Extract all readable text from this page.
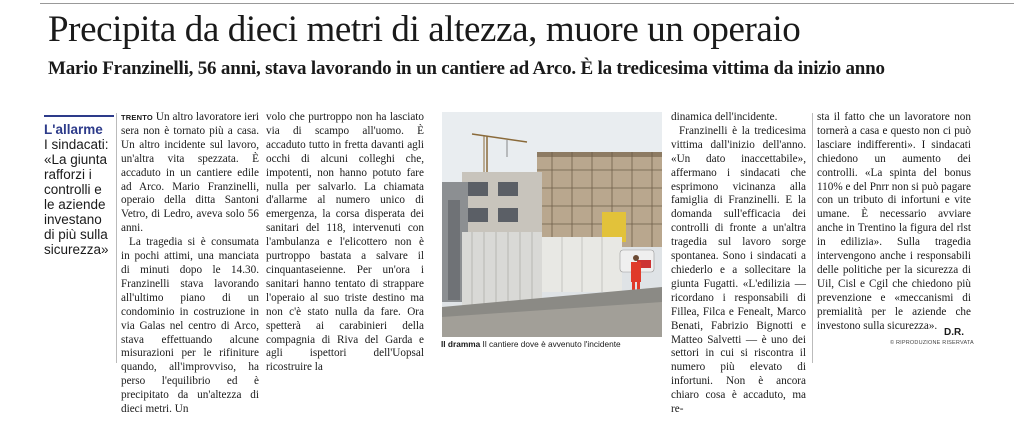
Precipita da dieci metri di altezza, muore un operaio
Mario Franzinelli, 56 anni, stava lavorando in un cantiere ad Arco. È la tredicesima vittima da inizio anno
L'allarme
I sindacati: «La giunta rafforzi i controlli e le aziende investano di più sulla sicurezza»

TRENTO Un altro lavoratore ieri sera non è tornato più a casa. Un altro incidente sul lavoro, un'altra vita spezzata. È accaduto in un cantiere edile ad Arco. Mario Franzinelli, operaio della ditta Santoni Vetro, di Ledro, aveva solo 56 anni.

La tragedia si è consumata in pochi attimi, una manciata di minuti dopo le 14.30. Franzinelli stava lavorando all'ultimo piano di un condominio in costruzione in via Galas nel centro di Arco, stava effettuando alcune misurazioni per le rifiniture quando, all'improvviso, ha perso l'equilibrio ed è precipitato da un'altezza di dieci metri. Un

volo che purtroppo non ha lasciato via di scampo all'uomo. È accaduto tutto in fretta davanti agli occhi di alcuni colleghi che, impotenti, non hanno potuto fare nulla per salvarlo. La chiamata d'allarme al numero unico di emergenza, la corsa disperata dei sanitari del 118, intervenuti con l'ambulanza e l'elicottero non è purtroppo bastata a salvare il cinquantaseienne. Per un'ora i sanitari hanno tentato di strappare l'operaio al suo triste destino ma non c'è stato nulla da fare. Ora spetterà ai carabinieri della compagnia di Riva del Garda e agli ispettori dell'Uopsal ricostruire la

Il dramma Il cantiere dove è avvenuto l'incidente

dinamica dell'incidente.

Franzinelli è la tredicesima vittima dall'inizio dell'anno. «Un dato inaccettabile», affermano i sindacati che esprimono vicinanza alla famiglia di Franzinelli. E la domanda sull'efficacia dei controlli di fronte a un'altra tragedia sul lavoro sorge spontanea. Sono i sindacati a chiederlo e a sollecitare la giunta Fugatti. «L'edilizia — ricordano i responsabili di Fillea, Filca e Fenealt, Marco Benati, Fabrizio Bignotti e Matteo Salvetti — è uno dei settori in cui si riscontra il numero più elevato di infortuni. Non è ancora chiaro cosa è accaduto, ma re-

sta il fatto che un lavoratore non tornerà a casa e questo non ci può lasciare indifferenti». I sindacati chiedono un aumento dei controlli. «La spinta del bonus 110% e del Pnrr non si può pagare con un tributo di infortuni e vite umane. È necessario avviare anche in Trentino la figura del rlst in edilizia». Sulla tragedia intervengono anche i responsabili delle politiche per la sicurezza di Uil, Cisl e Cgil che chiedono più prevenzione e «meccanismi di premialità per le aziende che investono sulla sicurezza».

D.R.
© RIPRODUZIONE RISERVATA
